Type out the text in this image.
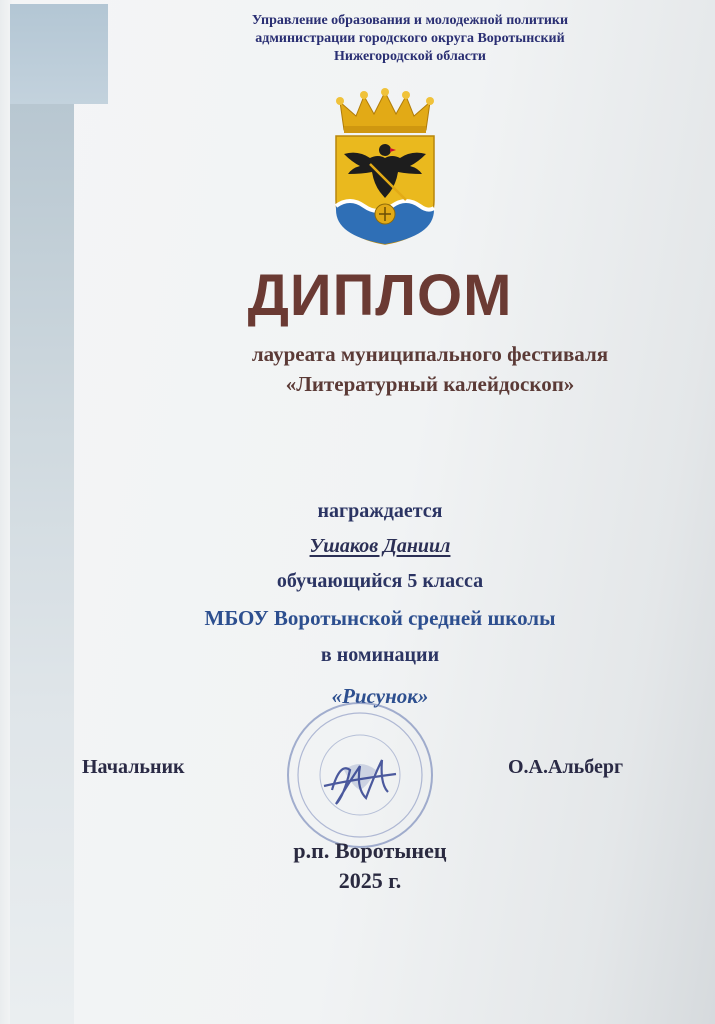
Управление образования и молодежной политики
администрации городского округа Воротынский
Нижегородской области
ДИПЛОМ
лауреата муниципального фестиваля
«Литературный калейдоскоп»
награждается
Ушаков Даниил
обучающийся 5 класса
МБОУ Воротынской средней школы
в номинации
«Рисунок»
Начальник	О.А.Альберг
р.п. Воротынец
2025 г.
